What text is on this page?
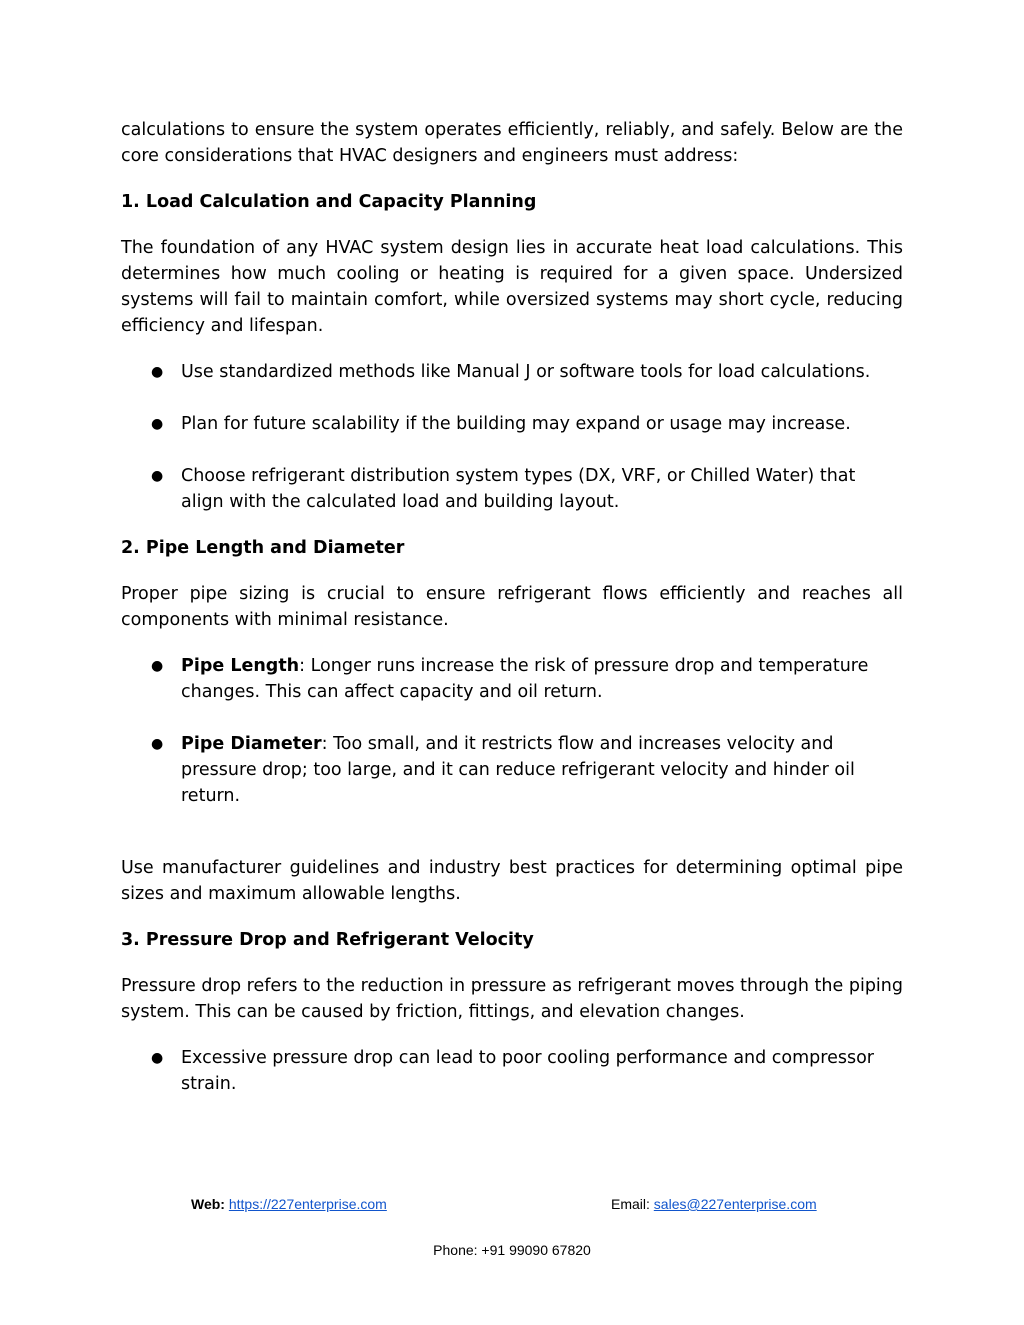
calculations to ensure the system operates efficiently, reliably, and safely. Below are the core considerations that HVAC designers and engineers must address:

1. Load Calculation and Capacity Planning

The foundation of any HVAC system design lies in accurate heat load calculations. This determines how much cooling or heating is required for a given space. Undersized systems will fail to maintain comfort, while oversized systems may short cycle, reducing efficiency and lifespan.

● Use standardized methods like Manual J or software tools for load calculations.
● Plan for future scalability if the building may expand or usage may increase.
● Choose refrigerant distribution system types (DX, VRF, or Chilled Water) that align with the calculated load and building layout.
2. Pipe Length and Diameter

Proper pipe sizing is crucial to ensure refrigerant flows efficiently and reaches all components with minimal resistance.

● Pipe Length: Longer runs increase the risk of pressure drop and temperature changes. This can affect capacity and oil return.
● Pipe Diameter: Too small, and it restricts flow and increases velocity and pressure drop; too large, and it can reduce refrigerant velocity and hinder oil return.

Use manufacturer guidelines and industry best practices for determining optimal pipe sizes and maximum allowable lengths.

3. Pressure Drop and Refrigerant Velocity

Pressure drop refers to the reduction in pressure as refrigerant moves through the piping system. This can be caused by friction, fittings, and elevation changes.

● Excessive pressure drop can lead to poor cooling performance and compressor strain.
Web: https://227enterprise.com	Email: sales@227enterprise.com
Phone: +91 99090 67820
